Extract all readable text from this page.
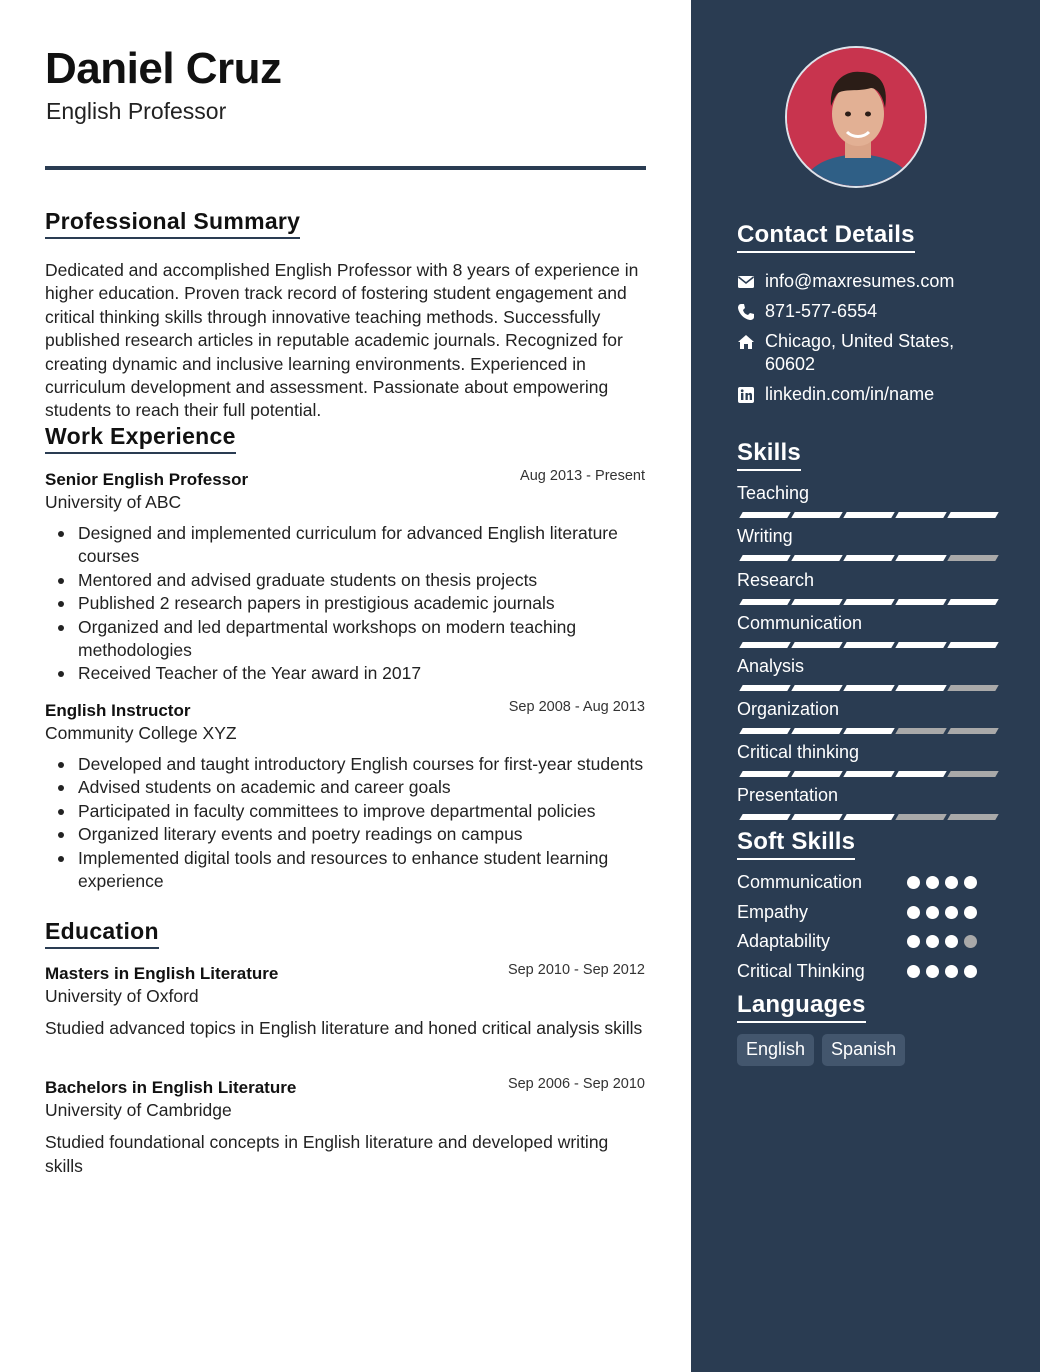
Daniel Cruz
English Professor
Professional Summary
Dedicated and accomplished English Professor with 8 years of experience in higher education. Proven track record of fostering student engagement and critical thinking skills through innovative teaching methods. Successfully published research articles in reputable academic journals. Recognized for creating dynamic and inclusive learning environments. Experienced in curriculum development and assessment. Passionate about empowering students to reach their full potential.
Work Experience
Senior English Professor	Aug 2013 - Present
University of ABC
Designed and implemented curriculum for advanced English literature courses
Mentored and advised graduate students on thesis projects
Published 2 research papers in prestigious academic journals
Organized and led departmental workshops on modern teaching methodologies
Received Teacher of the Year award in 2017
English Instructor	Sep 2008 - Aug 2013
Community College XYZ
Developed and taught introductory English courses for first-year students
Advised students on academic and career goals
Participated in faculty committees to improve departmental policies
Organized literary events and poetry readings on campus
Implemented digital tools and resources to enhance student learning experience
Education
Masters in English Literature	Sep 2010 - Sep 2012
University of Oxford
Studied advanced topics in English literature and honed critical analysis skills
Bachelors in English Literature	Sep 2006 - Sep 2010
University of Cambridge
Studied foundational concepts in English literature and developed writing skills
Contact Details
info@maxresumes.com
871-577-6554
Chicago, United States, 60602
linkedin.com/in/name
Skills
Teaching
Writing
Research
Communication
Analysis
Organization
Critical thinking
Presentation
Soft Skills
Communication
Empathy
Adaptability
Critical Thinking
Languages
English	Spanish
